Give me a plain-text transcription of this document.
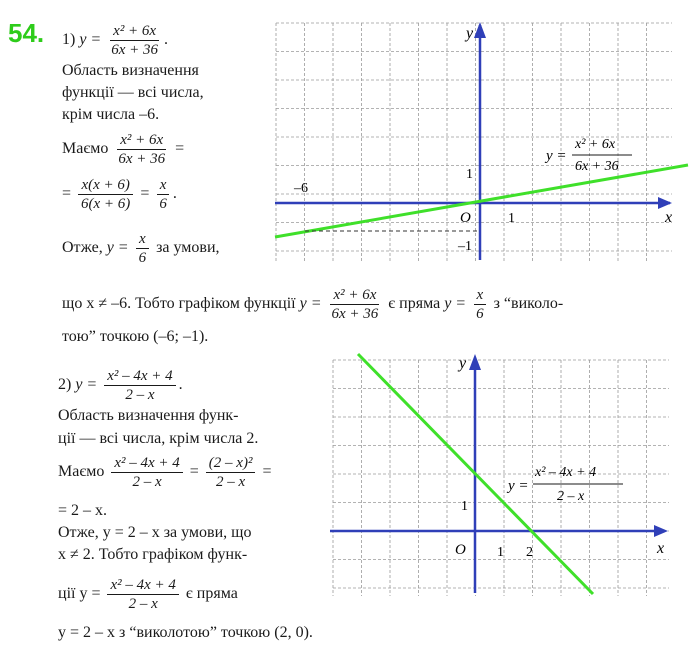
54. 1) $y = \frac{\text{x² + 6x}}{6x + 36}$ .
Область визначення
функції — всі числа,
крім числа –6.
Маємо $\frac{\text{x² + 6x}}{6x + 36}$ =
= $\frac{x(x + 6)}{6(x + 6)} = \frac{x}{6}$ .
Отже, $y = \frac{x}{6}$ за умови,
що x ≠ –6. Тобто графіком функції $y = \frac{\text{x² + 6x}}{6x + 36}$ є пряма $y = \frac{x}{6}$ з “виколо-
тою” точкою (–6; –1).
x
y
O	1
1
–6
–1
y =
x² + 6x
6x + 36
2) $y = \frac{\text{x² – 4x + 4}}{2 - x}$ .
Область визначення функ-
ції — всі числа, крім числа 2.
Маємо $\frac{\text{x² – 4x + 4}}{2 - x} = \frac{\text{(2 – x)²}}{2 - x}$ =
= 2 – x.
Отже, y = 2 – x за умови, що
x ≠ 2. Тобто графіком функ-
ції $y = \frac{\text{x² – 4x + 4}}{2 - x}$ є пряма
y = 2 – x з “виколотою” точкою (2, 0).
x
y
O 1 2
1
y =
x² – 4x + 4
2 – x
